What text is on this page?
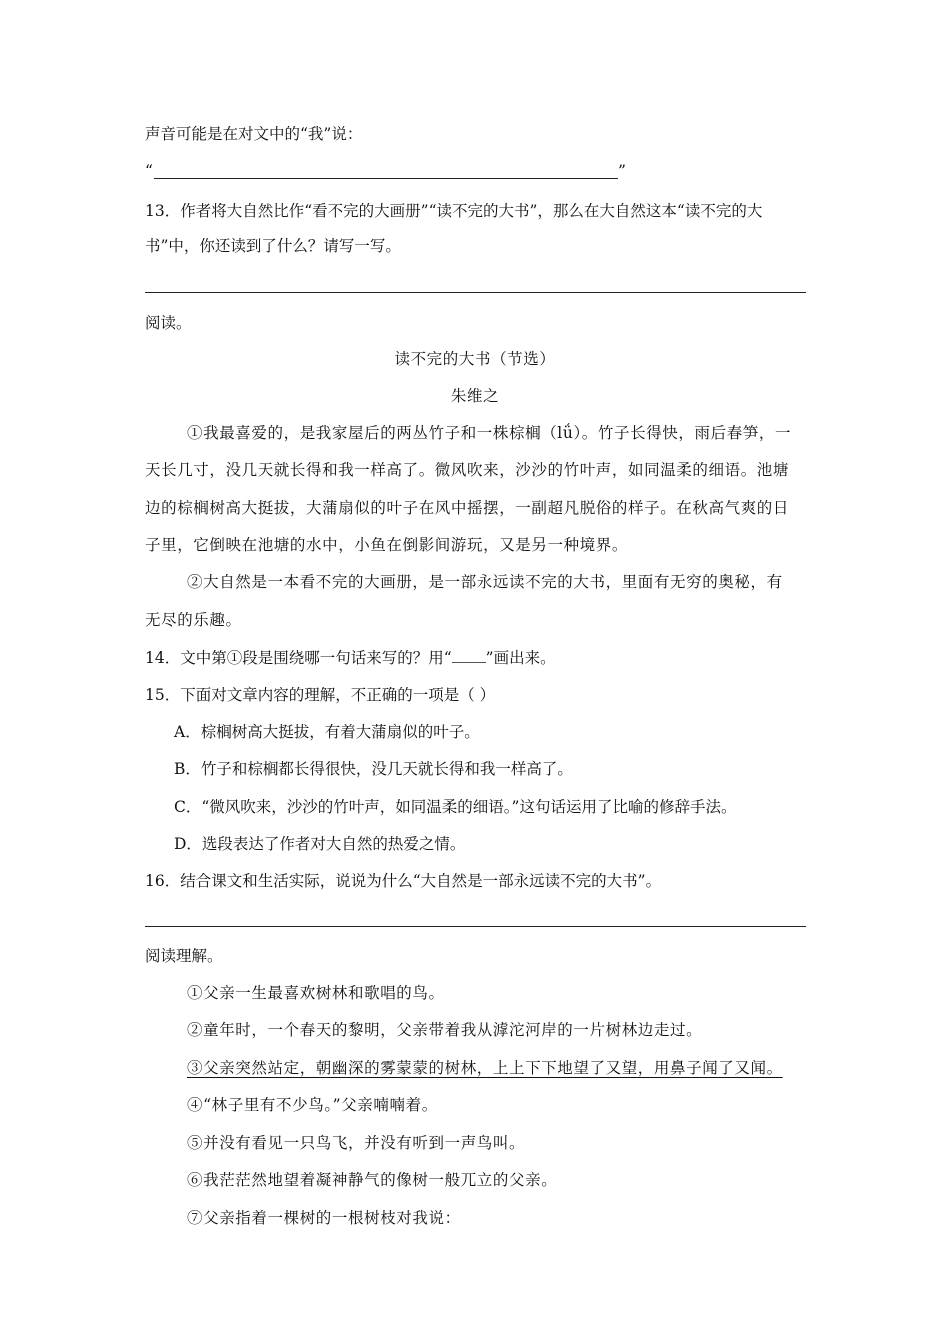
声音可能是在对文中的“我”说：
“	”
13．作者将大自然比作“看不完的大画册”“读不完的大书”，那么在大自然这本“读不完的大
书”中，你还读到了什么？请写一写。
阅读。
读不完的大书（节选）
朱维之
①我最喜爱的，是我家屋后的两丛竹子和一株棕榈（lǘ）。竹子长得快，雨后春笋，一
天长几寸，没几天就长得和我一样高了。微风吹来，沙沙的竹叶声，如同温柔的细语。池塘
边的棕榈树高大挺拔，大蒲扇似的叶子在风中摇摆，一副超凡脱俗的样子。在秋高气爽的日
子里，它倒映在池塘的水中，小鱼在倒影间游玩，又是另一种境界。
②大自然是一本看不完的大画册，是一部永远读不完的大书，里面有无穷的奥秘，有
无尽的乐趣。
14．文中第①段是围绕哪一句话来写的？用“ ”画出来。
15．下面对文章内容的理解，不正确的一项是（ ）
A．棕榈树高大挺拔，有着大蒲扇似的叶子。
B．竹子和棕榈都长得很快，没几天就长得和我一样高了。
C．“微风吹来，沙沙的竹叶声，如同温柔的细语。”这句话运用了比喻的修辞手法。
D．选段表达了作者对大自然的热爱之情。
16．结合课文和生活实际，说说为什么“大自然是一部永远读不完的大书”。
阅读理解。
①父亲一生最喜欢树林和歌唱的鸟。
②童年时，一个春天的黎明，父亲带着我从滹沱河岸的一片树林边走过。
③父亲突然站定，朝幽深的雾蒙蒙的树林，上上下下地望了又望，用鼻子闻了又闻。
④“林子里有不少鸟。”父亲喃喃着。
⑤并没有看见一只鸟飞，并没有听到一声鸟叫。
⑥我茫茫然地望着凝神静气的像树一般兀立的父亲。
⑦父亲指着一棵树的一根树枝对我说：
